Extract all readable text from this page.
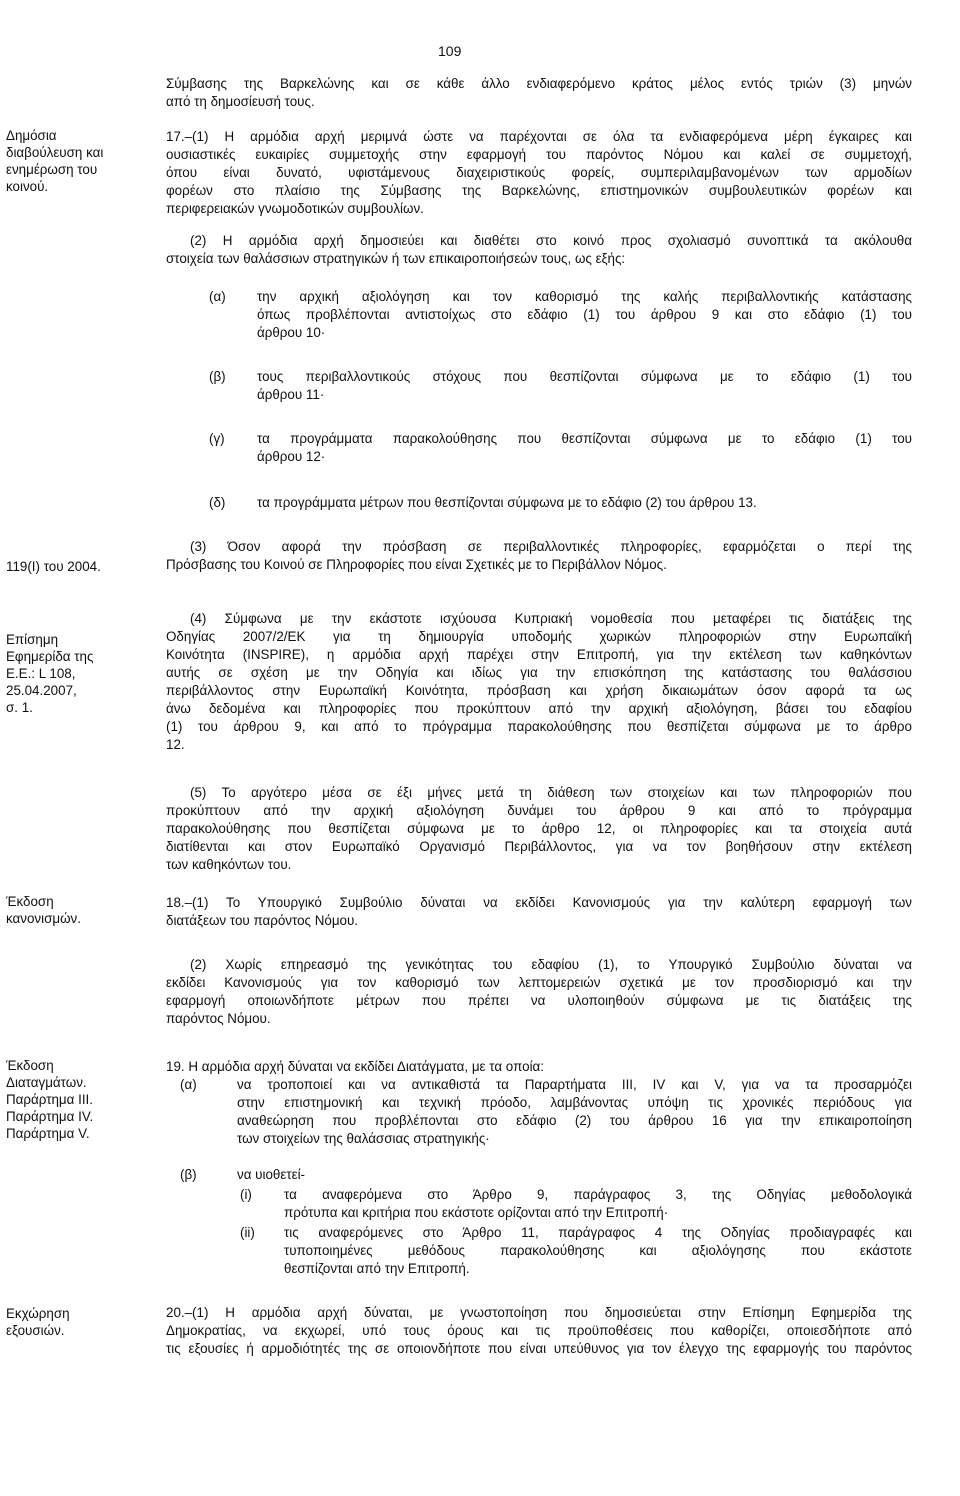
109
Σύμβασης της Βαρκελώνης και σε κάθε άλλο ενδιαφερόμενο κράτος μέλος εντός τριών (3) μηνών
από τη δημοσίευσή τους.
Δημόσια
διαβούλευση και
ενημέρωση του
κοινού.
119(I) του 2004.
Επίσημη
Εφημερίδα της
Ε.Ε.: L 108,
25.04.2007,
σ. 1.
Έκδοση
κανονισμών.
Έκδοση
Διαταγμάτων.
Παράρτημα ΙΙΙ.
Παράρτημα IV.
Παράρτημα V.
Εκχώρηση
εξουσιών.
17.–(1) Η αρμόδια αρχή μεριμνά ώστε να παρέχονται σε όλα τα ενδιαφερόμενα μέρη έγκαιρες και
ουσιαστικές ευκαιρίες συμμετοχής στην εφαρμογή του παρόντος Νόμου και καλεί σε συμμετοχή,
όπου είναι δυνατό, υφιστάμενους διαχειριστικούς φορείς, συμπεριλαμβανομένων των αρμοδίων
φορέων στο πλαίσιο της Σύμβασης της Βαρκελώνης, επιστημονικών συμβουλευτικών φορέων και
περιφερειακών γνωμοδοτικών συμβουλίων.
(2) Η αρμόδια αρχή δημοσιεύει και διαθέτει στο κοινό προς σχολιασμό συνοπτικά τα ακόλουθα
στοιχεία των θαλάσσιων στρατηγικών ή των επικαιροποιήσεών τους, ως εξής:
(α) την αρχική αξιολόγηση και τον καθορισμό της καλής περιβαλλοντικής κατάστασης
όπως προβλέπονται αντιστοίχως στο εδάφιο (1) του άρθρου 9 και στο εδάφιο (1) του
άρθρου 10·
(β) τους περιβαλλοντικούς στόχους που θεσπίζονται σύμφωνα με το εδάφιο (1) του
άρθρου 11·
(γ) τα προγράμματα παρακολούθησης που θεσπίζονται σύμφωνα με το εδάφιο (1) του
άρθρου 12·
(δ) τα προγράμματα μέτρων που θεσπίζονται σύμφωνα με το εδάφιο (2) του άρθρου 13.
(3) Όσον αφορά την πρόσβαση σε περιβαλλοντικές πληροφορίες, εφαρμόζεται ο περί της
Πρόσβασης του Κοινού σε Πληροφορίες που είναι Σχετικές με το Περιβάλλον Νόμος.
(4) Σύμφωνα με την εκάστοτε ισχύουσα Κυπριακή νομοθεσία που μεταφέρει τις διατάξεις της
Οδηγίας 2007/2/ΕΚ για τη δημιουργία υποδομής χωρικών πληροφοριών στην Ευρωπαϊκή
Κοινότητα (INSPIRE), η αρμόδια αρχή παρέχει στην Επιτροπή, για την εκτέλεση των καθηκόντων
αυτής σε σχέση με την Οδηγία και ιδίως για την επισκόπηση της κατάστασης του θαλάσσιου
περιβάλλοντος στην Ευρωπαϊκή Κοινότητα, πρόσβαση και χρήση δικαιωμάτων όσον αφορά τα ως
άνω δεδομένα και πληροφορίες που προκύπτουν από την αρχική αξιολόγηση, βάσει του εδαφίου
(1) του άρθρου 9, και από το πρόγραμμα παρακολούθησης που θεσπίζεται σύμφωνα με το άρθρο
12.
(5) Το αργότερο μέσα σε έξι μήνες μετά τη διάθεση των στοιχείων και των πληροφοριών που
προκύπτουν από την αρχική αξιολόγηση δυνάμει του άρθρου 9 και από το πρόγραμμα
παρακολούθησης που θεσπίζεται σύμφωνα με το άρθρο 12, οι πληροφορίες και τα στοιχεία αυτά
διατίθενται και στον Ευρωπαϊκό Οργανισμό Περιβάλλοντος, για να τον βοηθήσουν στην εκτέλεση
των καθηκόντων του.
18.–(1) Το Υπουργικό Συμβούλιο δύναται να εκδίδει Κανονισμούς για την καλύτερη εφαρμογή των
διατάξεων του παρόντος Νόμου.
(2) Χωρίς επηρεασμό της γενικότητας του εδαφίου (1), το Υπουργικό Συμβούλιο δύναται να
εκδίδει Κανονισμούς για τον καθορισμό των λεπτομερειών σχετικά με τον προσδιορισμό και την
εφαρμογή οποιωνδήποτε μέτρων που πρέπει να υλοποιηθούν σύμφωνα με τις διατάξεις της
παρόντος Νόμου.
19. Η αρμόδια αρχή δύναται να εκδίδει Διατάγματα, με τα οποία:
(α)	να τροποποιεί και να αντικαθιστά τα Παραρτήματα ΙΙΙ, IV και V, για να τα προσαρμόζει
στην επιστημονική και τεχνική πρόοδο, λαμβάνοντας υπόψη τις χρονικές περιόδους για
αναθεώρηση που προβλέπονται στο εδάφιο (2) του άρθρου 16 για την επικαιροποίηση
των στοιχείων της θαλάσσιας στρατηγικής·
(β)	να υιοθετεί-
(i) τα αναφερόμενα στο Άρθρο 9, παράγραφος 3, της Οδηγίας μεθοδολογικά
πρότυπα και κριτήρια που εκάστοτε ορίζονται από την Επιτροπή·
(ii) τις αναφερόμενες στο Άρθρο 11, παράγραφος 4 της Οδηγίας προδιαγραφές και
τυποποιημένες μεθόδους παρακολούθησης και αξιολόγησης που εκάστοτε
θεσπίζονται από την Επιτροπή.
20.–(1) Η αρμόδια αρχή δύναται, με γνωστοποίηση που δημοσιεύεται στην Επίσημη Εφημερίδα της
Δημοκρατίας, να εκχωρεί, υπό τους όρους και τις προϋποθέσεις που καθορίζει, οποιεσδήποτε από
τις εξουσίες ή αρμοδιότητές της σε οποιονδήποτε που είναι υπεύθυνος για τον έλεγχο της εφαρμογής του παρόντος
